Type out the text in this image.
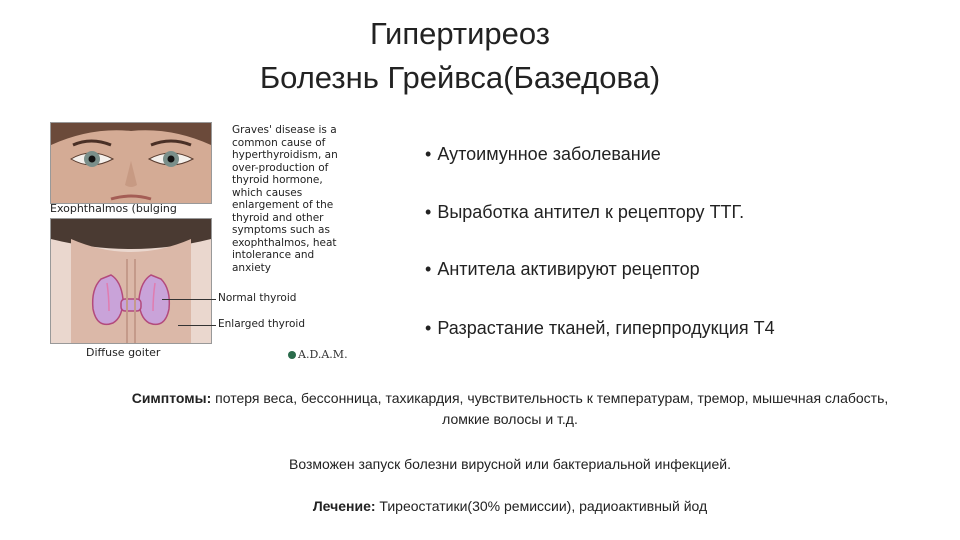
Гипертиреоз
Болезнь Грейвса(Базедова)
Exophthalmos (bulging
Graves' disease is a common cause of hyperthyroidism, an over-production of thyroid hormone, which causes enlargement of the thyroid and other symptoms such as exophthalmos, heat intolerance and anxiety
Normal thyroid
Enlarged thyroid
Diffuse goiter	A.D.A.M.
• Аутоимунное заболевание
• Выработка антител к рецептору ТТГ.
• Антитела активируют рецептор
• Разрастание тканей, гиперпродукция Т4
Симптомы: потеря веса, бессонница, тахикардия, чувствительность к температурам, тремор, мышечная слабость, ломкие волосы и т.д.
Возможен запуск болезни вирусной или бактериальной инфекцией.
Лечение: Тиреостатики(30% ремиссии), радиоактивный йод
